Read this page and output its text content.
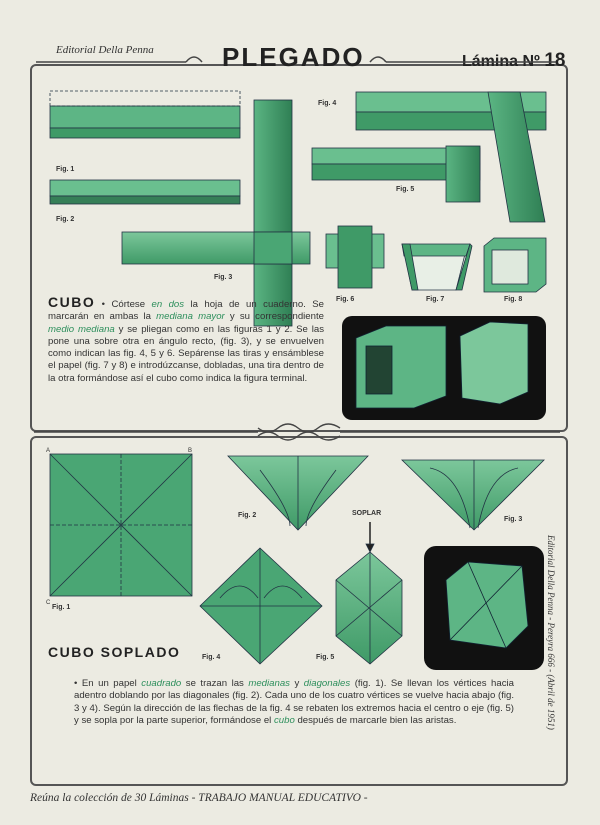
Editorial Della Penna	PLEGADO	Lámina Nº 18
A	B
C
Fig. 1
Fig. 2
Fig. 3
Fig. 4
Fig. 5
Fig. 6	Fig. 7	Fig. 8
CUBO • Córtese en dos la hoja de un cuaderno. Se marcarán en ambas la mediana mayor y su correspondiente medio mediana y se pliegan como en las figuras 1 y 2. Se las pone una sobre otra en ángulo recto, (fig. 3), y se envuelven como indican las fig. 4, 5 y 6. Sepárense las tiras y ensámblese el papel (fig. 7 y 8) e introdúzcanse, dobladas, una tira dentro de la otra formándose así el cubo como indica la figura terminal.
Fig. 1
Fig. 2
Fig. 3
Fig. 4	Fig. 5
SOPLAR
CUBO SOPLADO
• En un papel cuadrado se trazan las medianas y diagonales (fig. 1). Se llevan los vértices hacia adentro doblando por las diagonales (fig. 2). Cada uno de los cuatro vértices se vuelve hacia abajo (fig. 3 y 4). Según la dirección de las flechas de la fig. 4 se rebaten los extremos hacia el centro o eje (fig. 5) y se sopla por la parte superior, formándose el cubo después de marcarle bien las aristas.	Editorial Della Penna - Pereyra 666 - (Abril de 1951)
Reúna la colección de 30 Láminas - TRABAJO MANUAL EDUCATIVO -
